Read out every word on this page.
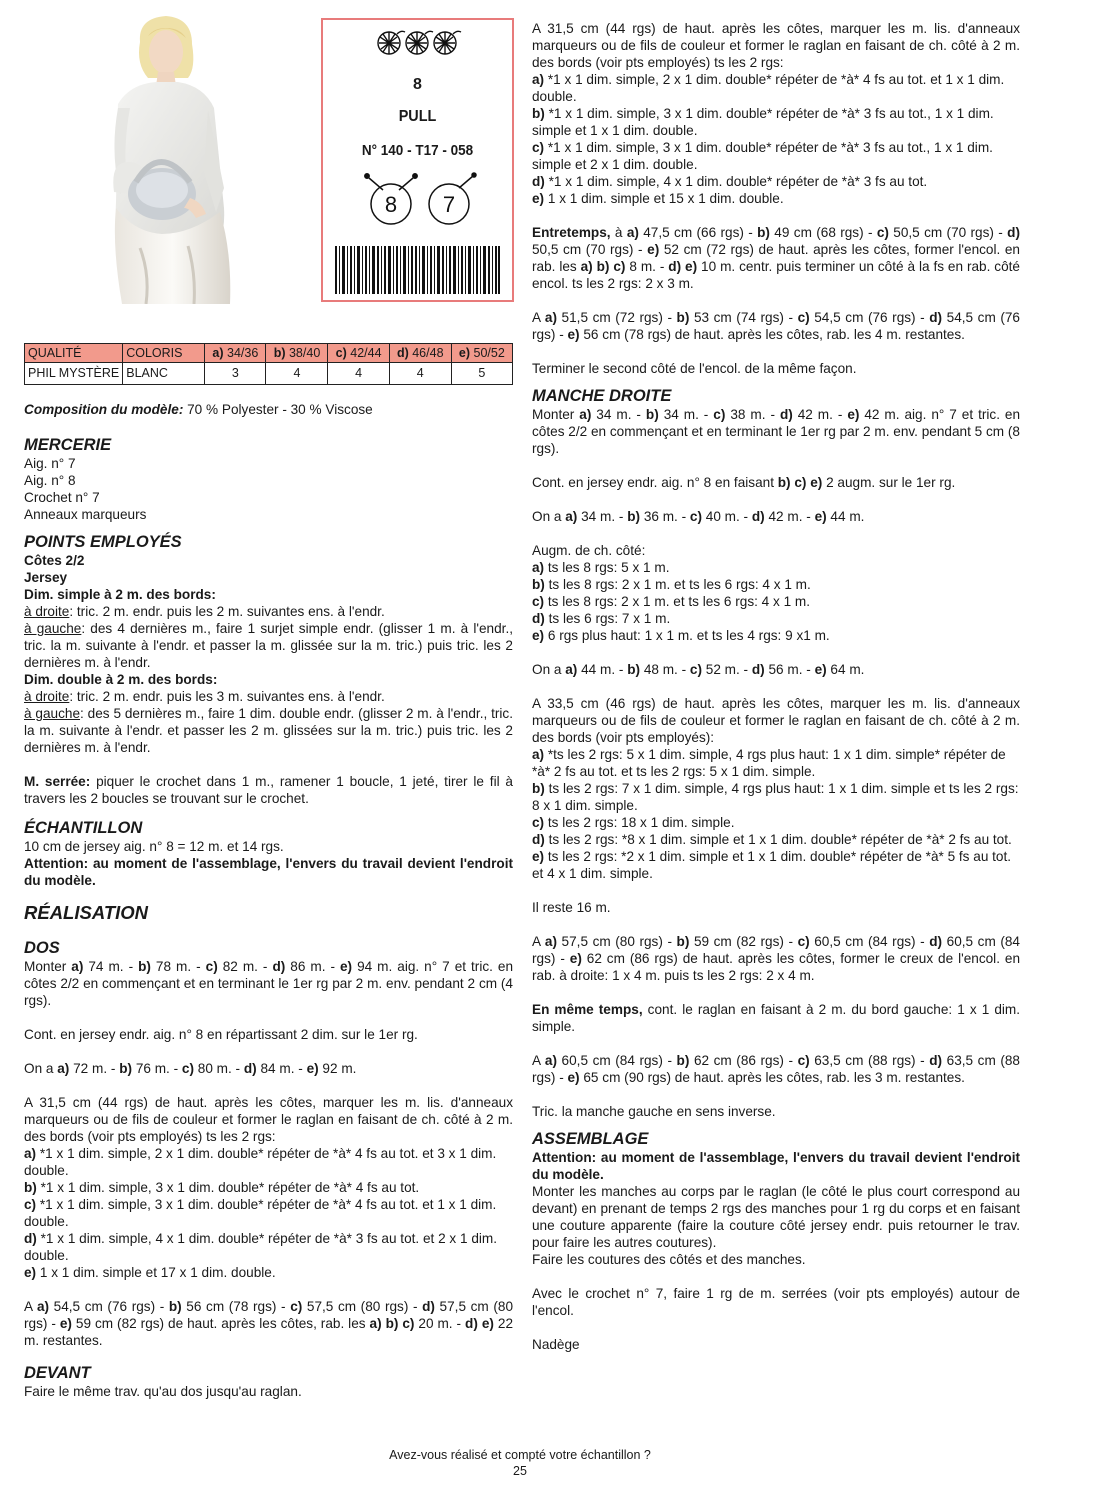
8
PULL
N° 140 - T17 - 058
8 7
QUALITÉ	COLORIS	a) 34/36	b) 38/40	c) 42/44	d) 46/48	e) 50/52
PHIL MYSTÈRE	BLANC	3	4	4	4	5

Composition du modèle: 70 % Polyester - 30 % Viscose

MERCERIE

Aig. n° 7

Aig. n° 8

Crochet n° 7

Anneaux marqueurs

POINTS EMPLOYÉS

Côtes 2/2

Jersey

Dim. simple à 2 m. des bords:

à droite: tric. 2 m. endr. puis les 2 m. suivantes ens. à l'endr.

à gauche: des 4 dernières m., faire 1 surjet simple endr. (glisser 1 m. à l'endr., tric. la m. suivante à l'endr. et passer la m. glissée sur la m. tric.) puis tric. les 2 dernières m. à l'endr.

Dim. double à 2 m. des bords:

à droite: tric. 2 m. endr. puis les 3 m. suivantes ens. à l'endr.

à gauche: des 5 dernières m., faire 1 dim. double endr. (glisser 2 m. à l'endr., tric. la m. suivante à l'endr. et passer les 2 m. glissées sur la m. tric.) puis tric. les 2 dernières m. à l'endr.

M. serrée: piquer le crochet dans 1 m., ramener 1 boucle, 1 jeté, tirer le fil à travers les 2 boucles se trouvant sur le crochet.

ÉCHANTILLON

10 cm de jersey aig. n° 8 = 12 m. et 14 rgs.

Attention: au moment de l'assemblage, l'envers du travail devient l'endroit du modèle.

RÉALISATION

DOS

Monter a) 74 m. - b) 78 m. - c) 82 m. - d) 86 m. - e) 94 m. aig. n° 7 et tric. en côtes 2/2 en commençant et en terminant le 1er rg par 2 m. env. pendant 2 cm (4 rgs).

Cont. en jersey endr. aig. n° 8 en répartissant 2 dim. sur le 1er rg.

On a a) 72 m. - b) 76 m. - c) 80 m. - d) 84 m. - e) 92 m.

A 31,5 cm (44 rgs) de haut. après les côtes, marquer les m. lis. d'anneaux marqueurs ou de fils de couleur et former le raglan en faisant de ch. côté à 2 m. des bords (voir pts employés) ts les 2 rgs:

a) *1 x 1 dim. simple, 2 x 1 dim. double* répéter de *à* 4 fs au tot. et 3 x 1 dim. double.

b) *1 x 1 dim. simple, 3 x 1 dim. double* répéter de *à* 4 fs au tot.

c) *1 x 1 dim. simple, 3 x 1 dim. double* répéter de *à* 4 fs au tot. et 1 x 1 dim. double.

d) *1 x 1 dim. simple, 4 x 1 dim. double* répéter de *à* 3 fs au tot. et 2 x 1 dim. double.

e) 1 x 1 dim. simple et 17 x 1 dim. double.

A a) 54,5 cm (76 rgs) - b) 56 cm (78 rgs) - c) 57,5 cm (80 rgs) - d) 57,5 cm (80 rgs) - e) 59 cm (82 rgs) de haut. après les côtes, rab. les a) b) c) 20 m. - d) e) 22 m. restantes.

DEVANT

Faire le même trav. qu'au dos jusqu'au raglan.

A 31,5 cm (44 rgs) de haut. après les côtes, marquer les m. lis. d'anneaux marqueurs ou de fils de couleur et former le raglan en faisant de ch. côté à 2 m. des bords (voir pts employés) ts les 2 rgs:

a) *1 x 1 dim. simple, 2 x 1 dim. double* répéter de *à* 4 fs au tot. et 1 x 1 dim. double.

b) *1 x 1 dim. simple, 3 x 1 dim. double* répéter de *à* 3 fs au tot., 1 x 1 dim. simple et 1 x 1 dim. double.

c) *1 x 1 dim. simple, 3 x 1 dim. double* répéter de *à* 3 fs au tot., 1 x 1 dim. simple et 2 x 1 dim. double.

d) *1 x 1 dim. simple, 4 x 1 dim. double* répéter de *à* 3 fs au tot.

e) 1 x 1 dim. simple et 15 x 1 dim. double.

Entretemps, à a) 47,5 cm (66 rgs) - b) 49 cm (68 rgs) - c) 50,5 cm (70 rgs) - d) 50,5 cm (70 rgs) - e) 52 cm (72 rgs) de haut. après les côtes, former l'encol. en rab. les a) b) c) 8 m. - d) e) 10 m. centr. puis terminer un côté à la fs en rab. côté encol. ts les 2 rgs: 2 x 3 m.

A a) 51,5 cm (72 rgs) - b) 53 cm (74 rgs) - c) 54,5 cm (76 rgs) - d) 54,5 cm (76 rgs) - e) 56 cm (78 rgs) de haut. après les côtes, rab. les 4 m. restantes.

Terminer le second côté de l'encol. de la même façon.

MANCHE DROITE

Monter a) 34 m. - b) 34 m. - c) 38 m. - d) 42 m. - e) 42 m. aig. n° 7 et tric. en côtes 2/2 en commençant et en terminant le 1er rg par 2 m. env. pendant 5 cm (8 rgs).

Cont. en jersey endr. aig. n° 8 en faisant b) c) e) 2 augm. sur le 1er rg.

On a a) 34 m. - b) 36 m. - c) 40 m. - d) 42 m. - e) 44 m.

Augm. de ch. côté:

a) ts les 8 rgs: 5 x 1 m.

b) ts les 8 rgs: 2 x 1 m. et ts les 6 rgs: 4 x 1 m.

c) ts les 8 rgs: 2 x 1 m. et ts les 6 rgs: 4 x 1 m.

d) ts les 6 rgs: 7 x 1 m.

e) 6 rgs plus haut: 1 x 1 m. et ts les 4 rgs: 9 x1 m.

On a a) 44 m. - b) 48 m. - c) 52 m. - d) 56 m. - e) 64 m.

A 33,5 cm (46 rgs) de haut. après les côtes, marquer les m. lis. d'anneaux marqueurs ou de fils de couleur et former le raglan en faisant de ch. côté à 2 m. des bords (voir pts employés):

a) *ts les 2 rgs: 5 x 1 dim. simple, 4 rgs plus haut: 1 x 1 dim. simple* répéter de *à* 2 fs au tot. et ts les 2 rgs: 5 x 1 dim. simple.

b) ts les 2 rgs: 7 x 1 dim. simple, 4 rgs plus haut: 1 x 1 dim. simple et ts les 2 rgs: 8 x 1 dim. simple.

c) ts les 2 rgs: 18 x 1 dim. simple.

d) ts les 2 rgs: *8 x 1 dim. simple et 1 x 1 dim. double* répéter de *à* 2 fs au tot.

e) ts les 2 rgs: *2 x 1 dim. simple et 1 x 1 dim. double* répéter de *à* 5 fs au tot. et 4 x 1 dim. simple.

Il reste 16 m.

A a) 57,5 cm (80 rgs) - b) 59 cm (82 rgs) - c) 60,5 cm (84 rgs) - d) 60,5 cm (84 rgs) - e) 62 cm (86 rgs) de haut. après les côtes, former le creux de l'encol. en rab. à droite: 1 x 4 m. puis ts les 2 rgs: 2 x 4 m.

En même temps, cont. le raglan en faisant à 2 m. du bord gauche: 1 x 1 dim. simple.

A a) 60,5 cm (84 rgs) - b) 62 cm (86 rgs) - c) 63,5 cm (88 rgs) - d) 63,5 cm (88 rgs) - e) 65 cm (90 rgs) de haut. après les côtes, rab. les 3 m. restantes.

Tric. la manche gauche en sens inverse.

ASSEMBLAGE

Attention: au moment de l'assemblage, l'envers du travail devient l'endroit du modèle.

Monter les manches au corps par le raglan (le côté le plus court correspond au devant) en prenant de temps 2 rgs des manches pour 1 rg du corps et en faisant une couture apparente (faire la couture côté jersey endr. puis retourner le trav. pour faire les autres coutures).

Faire les coutures des côtés et des manches.

Avec le crochet n° 7, faire 1 rg de m. serrées (voir pts employés) autour de l'encol.

Nadège

Avez-vous réalisé et compté votre échantillon ?
25
